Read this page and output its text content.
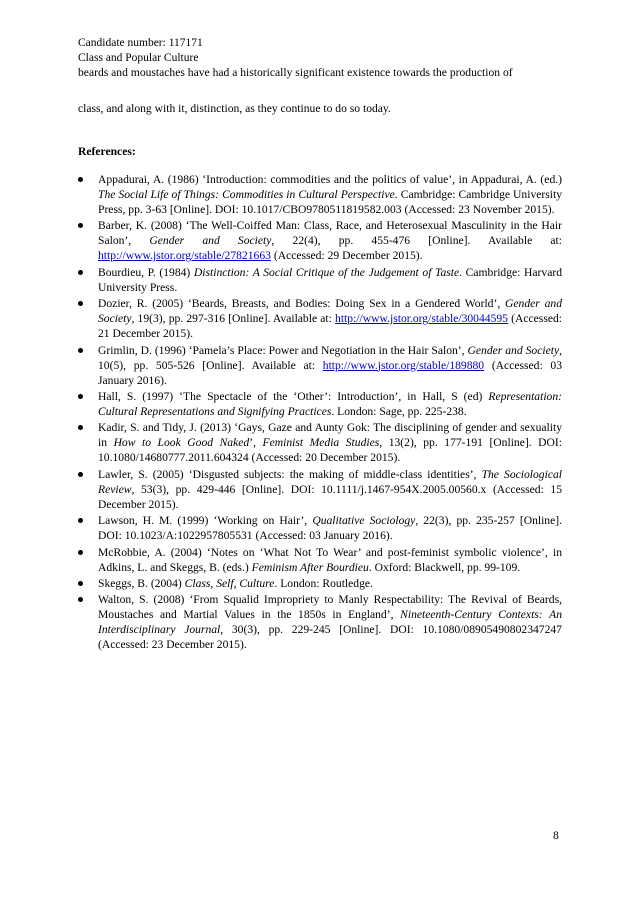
Candidate number: 117171
Class and Popular Culture

beards and moustaches have had a historically significant existence towards the production of

class, and along with it, distinction, as they continue to do so today.

References:
Appadurai, A. (1986) ‘Introduction: commodities and the politics of value’, in Appadurai, A. (ed.) The Social Life of Things: Commodities in Cultural Perspective. Cambridge: Cambridge University Press, pp. 3-63 [Online]. DOI: 10.1017/CBO9780511819582.003 (Accessed: 23 November 2015).
Barber, K. (2008) ‘The Well-Coiffed Man: Class, Race, and Heterosexual Masculinity in the Hair Salon’, Gender and Society, 22(4), pp. 455-476 [Online]. Available at: http://www.jstor.org/stable/27821663 (Accessed: 29 December 2015).
Bourdieu, P. (1984) Distinction: A Social Critique of the Judgement of Taste. Cambridge: Harvard University Press.
Dozier, R. (2005) ‘Beards, Breasts, and Bodies: Doing Sex in a Gendered World’, Gender and Society, 19(3), pp. 297-316 [Online]. Available at: http://www.jstor.org/stable/30044595 (Accessed: 21 December 2015).
Grimlin, D. (1996) ‘Pamela’s Place: Power and Negotiation in the Hair Salon’, Gender and Society, 10(5), pp. 505-526 [Online]. Available at: http://www.jstor.org/stable/189880 (Accessed: 03 January 2016).
Hall, S. (1997) ‘The Spectacle of the ‘Other’: Introduction’, in Hall, S (ed) Representation: Cultural Representations and Signifying Practices. London: Sage, pp. 225-238.
Kadir, S. and Tidy, J. (2013) ‘Gays, Gaze and Aunty Gok: The disciplining of gender and sexuality in How to Look Good Naked’, Feminist Media Studies, 13(2), pp. 177-191 [Online]. DOI: 10.1080/14680777.2011.604324 (Accessed: 20 December 2015).
Lawler, S. (2005) ‘Disgusted subjects: the making of middle-class identities’, The Sociological Review, 53(3), pp. 429-446 [Online]. DOI: 10.1111/j.1467-954X.2005.00560.x (Accessed: 15 December 2015).
Lawson, H. M. (1999) ‘Working on Hair’, Qualitative Sociology, 22(3), pp. 235-257 [Online]. DOI: 10.1023/A:1022957805531 (Accessed: 03 January 2016).
McRobbie, A. (2004) ‘Notes on ‘What Not To Wear’ and post-feminist symbolic violence’, in Adkins, L. and Skeggs, B. (eds.) Feminism After Bourdieu. Oxford: Blackwell, pp. 99-109.
Skeggs, B. (2004) Class, Self, Culture. London: Routledge.
Walton, S. (2008) ‘From Squalid Impropriety to Manly Respectability: The Revival of Beards, Moustaches and Martial Values in the 1850s in England’, Nineteenth-Century Contexts: An Interdisciplinary Journal, 30(3), pp. 229-245 [Online]. DOI: 10.1080/08905490802347247 (Accessed: 23 December 2015).
8
